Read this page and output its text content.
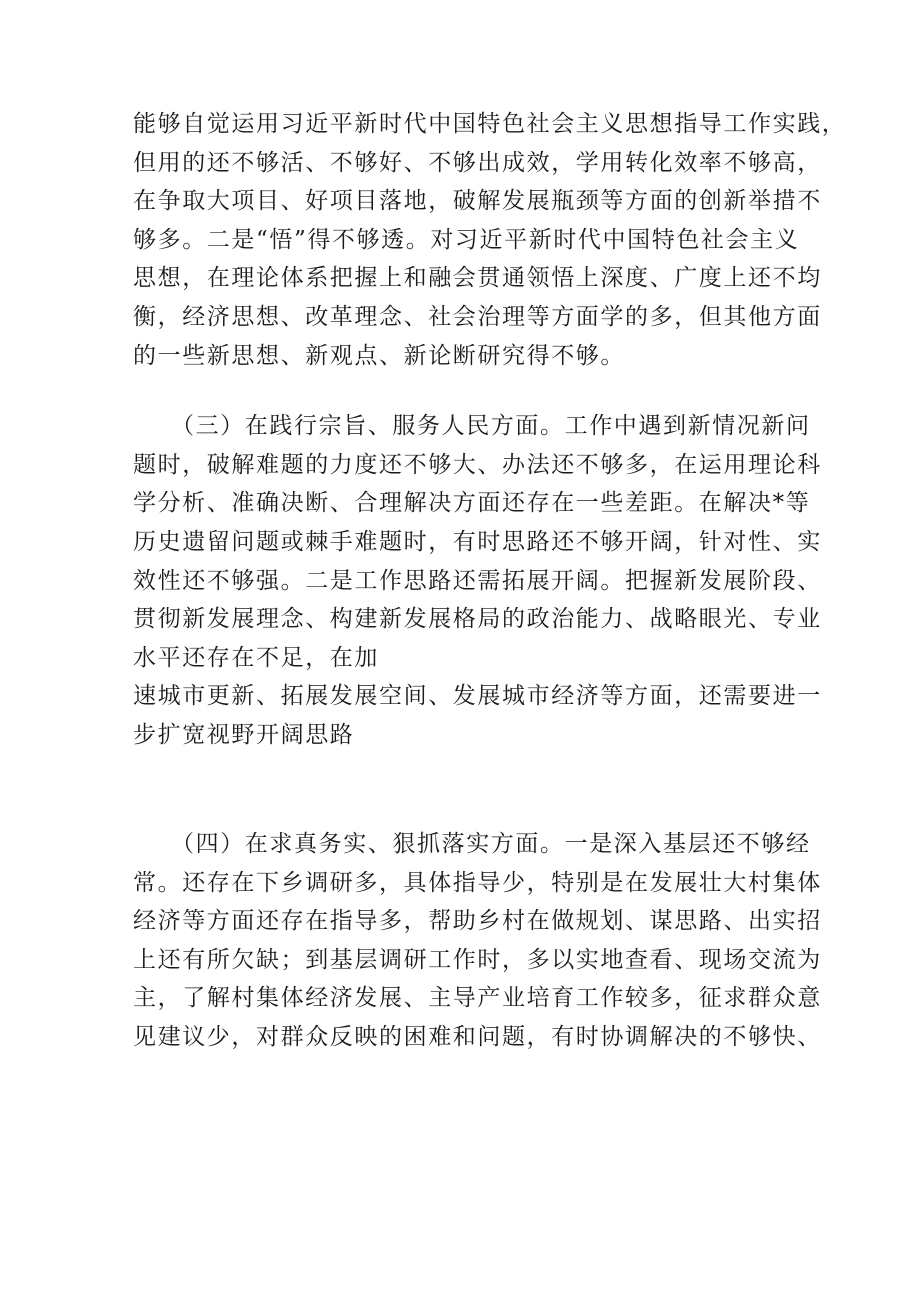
能够自觉运用习近平新时代中国特色社会主义思想指导工作实践，
但用的还不够活、不够好、不够出成效，学用转化效率不够高，
在争取大项目、好项目落地，破解发展瓶颈等方面的创新举措不
够多。二是“悟”得不够透。对习近平新时代中国特色社会主义
思想，在理论体系把握上和融会贯通领悟上深度、广度上还不均
衡，经济思想、改革理念、社会治理等方面学的多，但其他方面
的一些新思想、新观点、新论断研究得不够。
（三）在践行宗旨、服务人民方面。工作中遇到新情况新问
题时，破解难题的力度还不够大、办法还不够多，在运用理论科
学分析、准确决断、合理解决方面还存在一些差距。在解决*等
历史遗留问题或棘手难题时，有时思路还不够开阔，针对性、实
效性还不够强。二是工作思路还需拓展开阔。把握新发展阶段、
贯彻新发展理念、构建新发展格局的政治能力、战略眼光、专业
水平还存在不足，在加
速城市更新、拓展发展空间、发展城市经济等方面，还需要进一
步扩宽视野开阔思路
（四）在求真务实、狠抓落实方面。一是深入基层还不够经
常。还存在下乡调研多，具体指导少，特别是在发展壮大村集体
经济等方面还存在指导多，帮助乡村在做规划、谋思路、出实招
上还有所欠缺；到基层调研工作时，多以实地查看、现场交流为
主，了解村集体经济发展、主导产业培育工作较多，征求群众意
见建议少，对群众反映的困难和问题，有时协调解决的不够快、
